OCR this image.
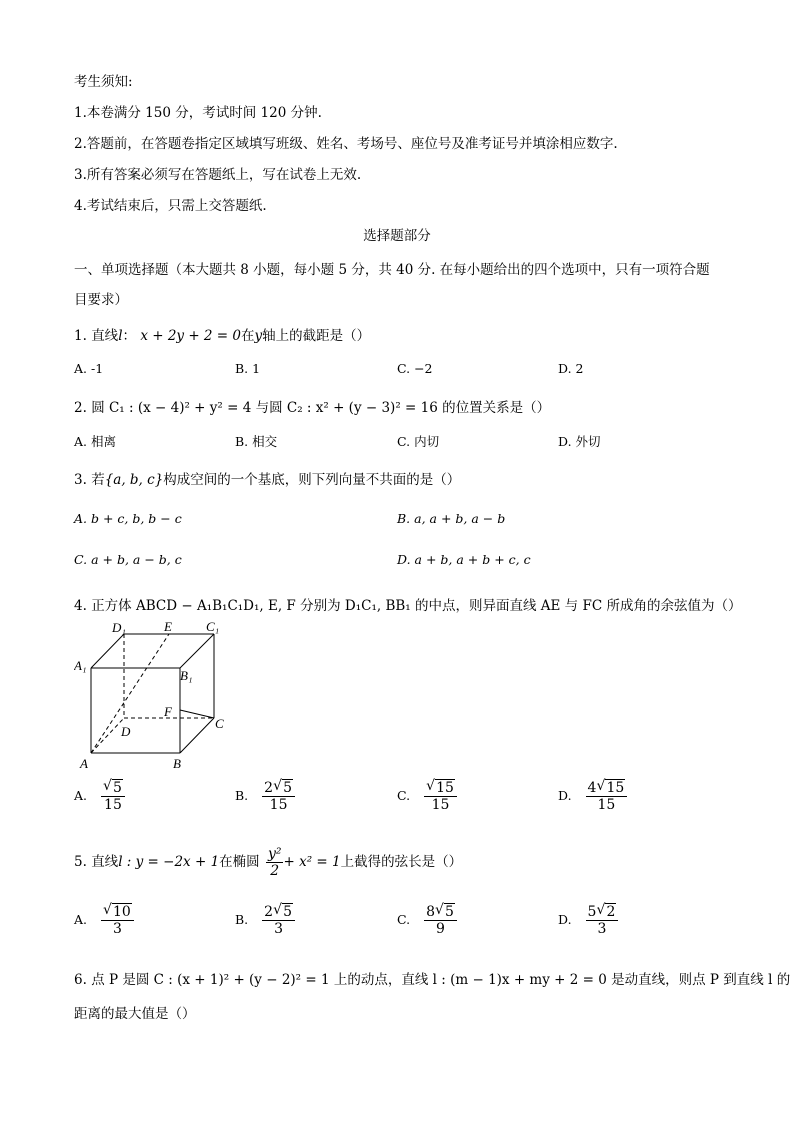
考生须知:
1.本卷满分 150 分，考试时间 120 分钟.
2.答题前，在答题卷指定区域填写班级、姓名、考场号、座位号及准考证号并填涂相应数字.
3.所有答案必须写在答题纸上，写在试卷上无效.
4.考试结束后，只需上交答题纸.
选择题部分
一、单项选择题（本大题共 8 小题，每小题 5 分，共 40 分. 在每小题给出的四个选项中，只有一项符合题
目要求）
1. 直线l： x + 2y + 2 = 0在y轴上的截距是（）
A. -1	B. 1	C. −2	D. 2
2. 圆 C₁ : (x − 4)² + y² = 4 与圆 C₂ : x² + (y − 3)² = 16 的位置关系是（）
A. 相离	B. 相交	C. 内切	D. 外切
3. 若{a, b, c}构成空间的一个基底，则下列向量不共面的是（）
A. b + c, b, b − c	B. a, a + b, a − b
C. a + b, a − b, c	D. a + b, a + b + c, c
4. 正方体 ABCD − A₁B₁C₁D₁, E, F 分别为 D₁C₁, BB₁ 的中点，则异面直线 AE 与 FC 所成角的余弦值为（）
D₁	E	C₁
A₁
B₁
F
C
D
A	B
A. √ $\frac{5}{15}$	B. $\frac{2 √ 5}{15}$	C. √ $\frac{15}{15}$	D. $\frac{4 √ 15}{15}$
5. 直线l : y = −2x + 1在椭圆 $\frac{\text{y²}}{2} + x^2 = 1$上截得的弦长是（）
A. √ $\frac{10}{3}$	B. $\frac{2 √ 5}{3}$	C. $\frac{8 √ 5}{9}$	D. $\frac{5 √ 2}{3}$
6. 点 P 是圆 C : (x + 1)² + (y − 2)² = 1 上的动点，直线 l : (m − 1)x + my + 2 = 0 是动直线，则点 P 到直线 l 的
距离的最大值是（）
